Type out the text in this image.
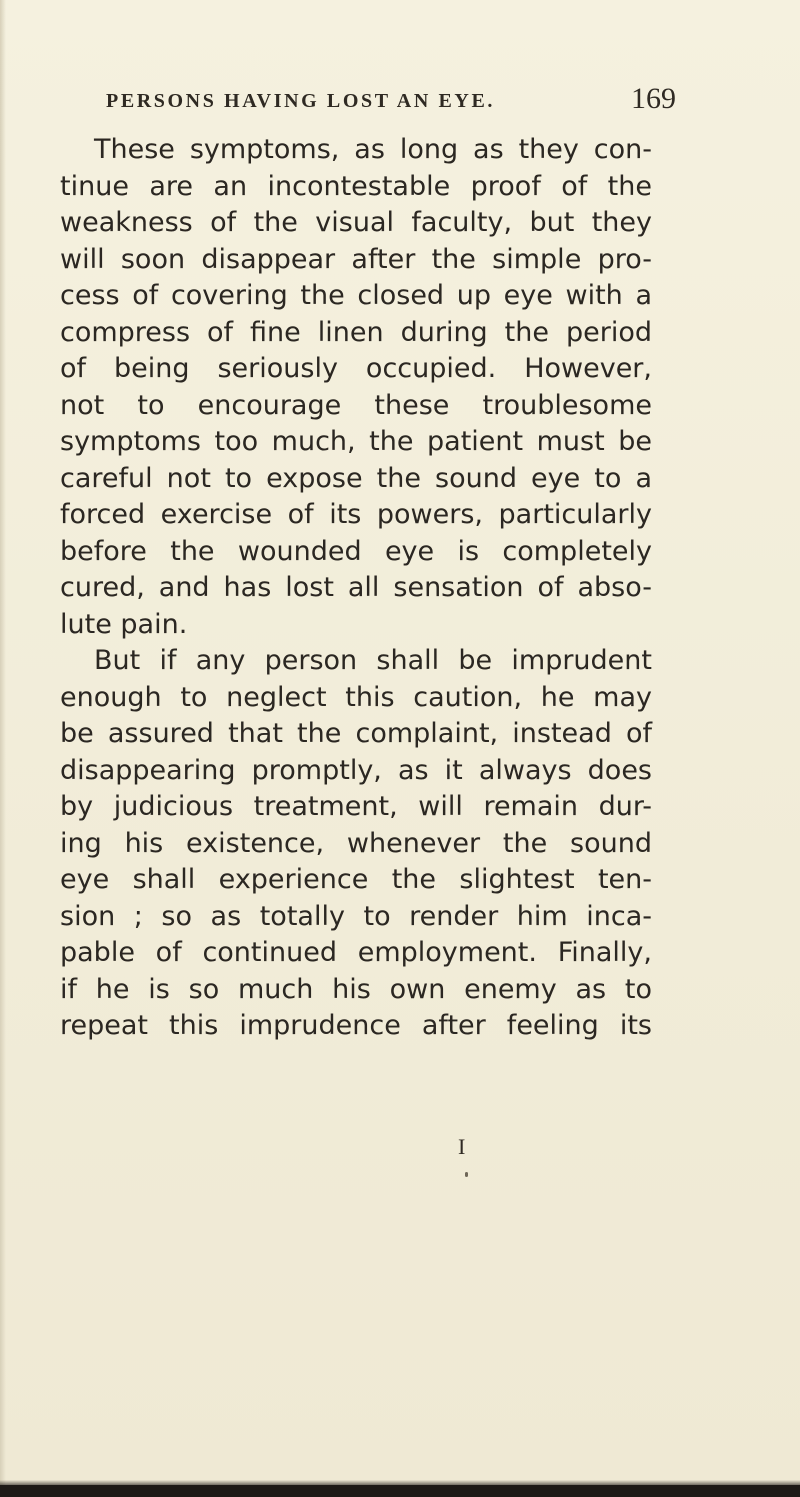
PERSONS HAVING LOST AN EYE.	169
These symptoms, as long as they con-
tinue are an incontestable proof of the
weakness of the visual faculty, but they
will soon disappear after the simple pro-
cess of covering the closed up eye with a
compress of fine linen during the period
of being seriously occupied. However,
not to encourage these troublesome
symptoms too much, the patient must be
careful not to expose the sound eye to a
forced exercise of its powers, particularly
before the wounded eye is completely
cured, and has lost all sensation of abso-
lute pain.
But if any person shall be imprudent
enough to neglect this caution, he may
be assured that the complaint, instead of
disappearing promptly, as it always does
by judicious treatment, will remain dur-
ing his existence, whenever the sound
eye shall experience the slightest ten-
sion ; so as totally to render him inca-
pable of continued employment. Finally,
if he is so much his own enemy as to
repeat this imprudence after feeling its
I
